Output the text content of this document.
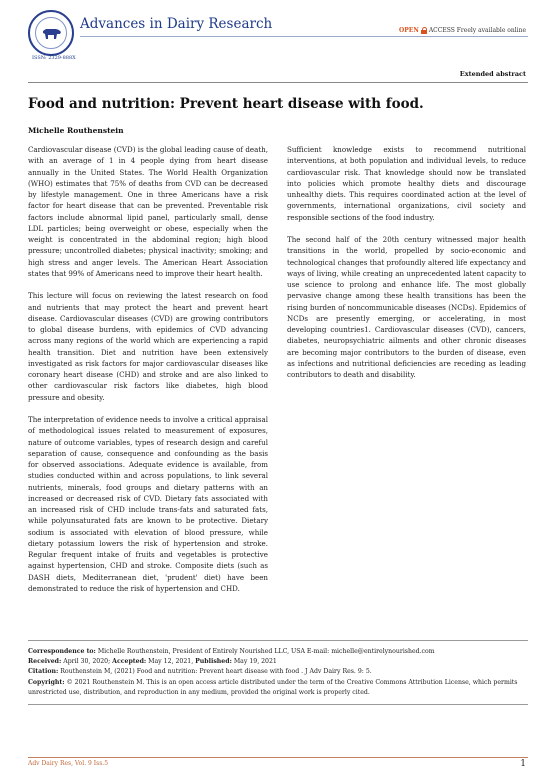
ISSN: 2329-888X
Advances in Dairy Research	OPEN ACCESS Freely available online
Extended abstract
Food and nutrition: Prevent heart disease with food.
Michelle Routhenstein

Cardiovascular disease (CVD) is the global leading cause of death, with an average of 1 in 4 people dying from heart disease annually in the United States. The World Health Organization (WHO) estimates that 75% of deaths from CVD can be decreased by lifestyle management. One in three Americans have a risk factor for heart disease that can be prevented. Preventable risk factors include abnormal lipid panel, particularly small, dense LDL particles; being overweight or obese, especially when the weight is concentrated in the abdominal region; high blood pressure; uncontrolled diabetes; physical inactivity; smoking; and high stress and anger levels. The American Heart Association states that 99% of Americans need to improve their heart health.

This lecture will focus on reviewing the latest research on food and nutrients that may protect the heart and prevent heart disease. Cardiovascular diseases (CVD) are growing contributors to global disease burdens, with epidemics of CVD advancing across many regions of the world which are experiencing a rapid health transition. Diet and nutrition have been extensively investigated as risk factors for major cardiovascular diseases like coronary heart disease (CHD) and stroke and are also linked to other cardiovascular risk factors like diabetes, high blood pressure and obesity.

The interpretation of evidence needs to involve a critical appraisal of methodological issues related to measurement of exposures, nature of outcome variables, types of research design and careful separation of cause, consequence and confounding as the basis for observed associations. Adequate evidence is available, from studies conducted within and across populations, to link several nutrients, minerals, food groups and dietary patterns with an increased or decreased risk of CVD. Dietary fats associated with an increased risk of CHD include trans-fats and saturated fats, while polyunsaturated fats are known to be protective. Dietary sodium is associated with elevation of blood pressure, while dietary potassium lowers the risk of hypertension and stroke. Regular frequent intake of fruits and vegetables is protective against hypertension, CHD and stroke. Composite diets (such as DASH diets, Mediterranean diet, 'prudent' diet) have been demonstrated to reduce the risk of hypertension and CHD.

Sufficient knowledge exists to recommend nutritional interventions, at both population and individual levels, to reduce cardiovascular risk. That knowledge should now be translated into policies which promote healthy diets and discourage unhealthy diets. This requires coordinated action at the level of governments, international organizations, civil society and responsible sections of the food industry.

The second half of the 20th century witnessed major health transitions in the world, propelled by socio-economic and technological changes that profoundly altered life expectancy and ways of living, while creating an unprecedented latent capacity to use science to prolong and enhance life. The most globally pervasive change among these health transitions has been the rising burden of noncommunicable diseases (NCDs). Epidemics of NCDs are presently emerging, or accelerating, in most developing countries1. Cardiovascular diseases (CVD), cancers, diabetes, neuropsychiatric ailments and other chronic diseases are becoming major contributors to the burden of disease, even as infections and nutritional deficiencies are receding as leading contributors to death and disability.

Correspondence to: Michelle Routhenstein, President of Entirely Nourished LLC, USA E-mail: michelle@entirelynourished.com
Received: April 30, 2020; Accepted: May 12, 2021, Published: May 19, 2021
Citation: Routhenstein M, (2021) Food and nutrition: Prevent heart disease with food . J Adv Dairy Res. 9: 5.
Copyright: © 2021 Routhenstein M. This is an open access article distributed under the term of the Creative Commons Attribution License, which permits unrestricted use, distribution, and reproduction in any medium, provided the original work is properly cited.
Adv Dairy Res, Vol. 9 Iss.5	1
